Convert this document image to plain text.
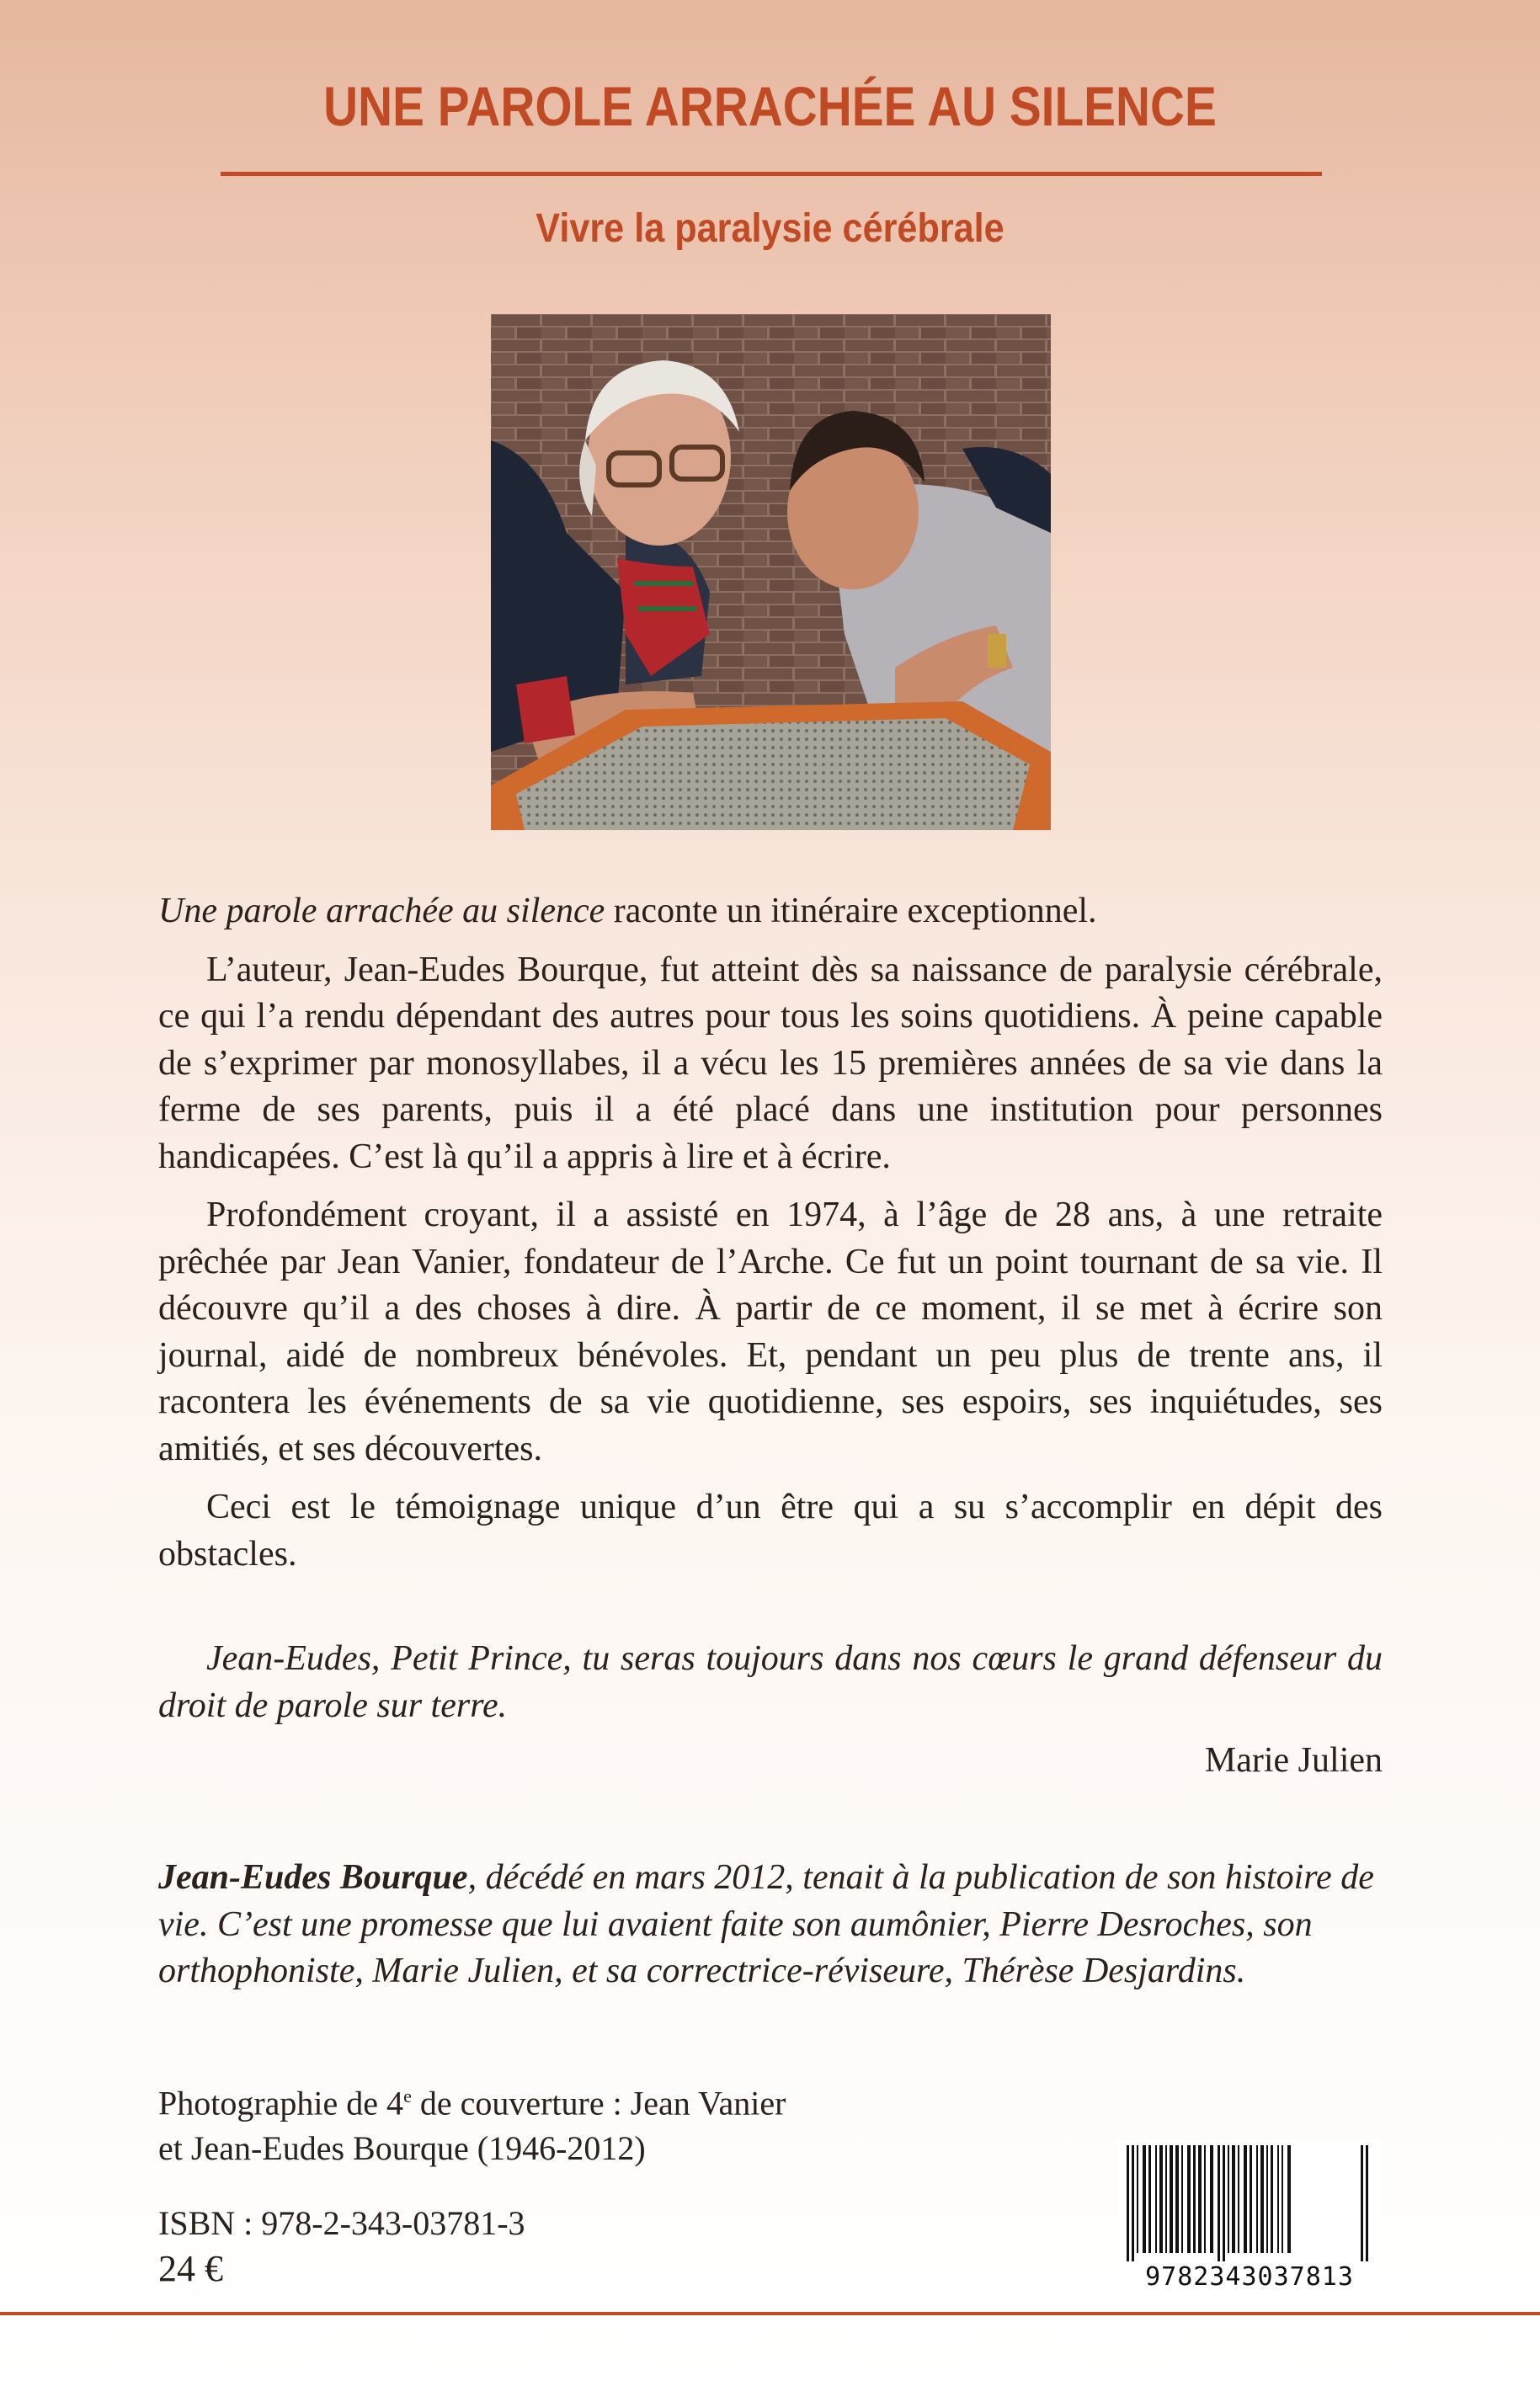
UNE PAROLE ARRACHÉE AU SILENCE
Vivre la paralysie cérébrale

Une parole arrachée au silence raconte un itinéraire exceptionnel.

L’auteur, Jean-Eudes Bourque, fut atteint dès sa naissance de paralysie cérébrale, ce qui l’a rendu dépendant des autres pour tous les soins quotidiens. À peine capable de s’exprimer par monosyllabes, il a vécu les 15 premières années de sa vie dans la ferme de ses parents, puis il a été placé dans une institution pour personnes handicapées. C’est là qu’il a appris à lire et à écrire.

Profondément croyant, il a assisté en 1974, à l’âge de 28 ans, à une retraite prêchée par Jean Vanier, fondateur de l’Arche. Ce fut un point tournant de sa vie. Il découvre qu’il a des choses à dire. À partir de ce moment, il se met à écrire son journal, aidé de nombreux bénévoles. Et, pendant un peu plus de trente ans, il racontera les événements de sa vie quotidienne, ses espoirs, ses inquiétudes, ses amitiés, et ses découvertes.

Ceci est le témoignage unique d’un être qui a su s’accomplir en dépit des obstacles.

Jean-Eudes, Petit Prince, tu seras toujours dans nos cœurs le grand défenseur du droit de parole sur terre.

Marie Julien

Jean-Eudes Bourque, décédé en mars 2012, tenait à la publication de son histoire de vie. C’est une promesse que lui avaient faite son aumônier, Pierre Desroches, son orthophoniste, Marie Julien, et sa correctrice-réviseure, Thérèse Desjardins.

Photographie de 4e de couverture : Jean Vanier
et Jean-Eudes Bourque (1946-2012)

ISBN : 978-2-343-03781-3

24 €	9782343037813
